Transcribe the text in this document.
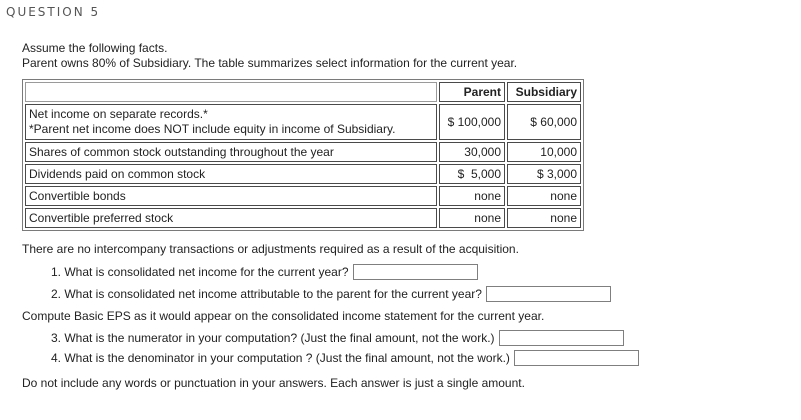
QUESTION 5
Assume the following facts.
Parent owns 80% of Subsidiary. The table summarizes select information for the current year.
	Parent	Subsidiary

Net income on separate records.*
*Parent net income does NOT include equity in income of Subsidiary.	$ 100,000	$ 60,000
Shares of common stock outstanding throughout the year	30,000	10,000
Dividends paid on common stock	$  5,000	$ 3,000
Convertible bonds	none	none
Convertible preferred stock	none	none
There are no intercompany transactions or adjustments required as a result of the acquisition.
1. What is consolidated net income for the current year?
2. What is consolidated net income attributable to the parent for the current year?
Compute Basic EPS as it would appear on the consolidated income statement for the current year.
3. What is the numerator in your computation? (Just the final amount, not the work.)
4. What is the denominator in your computation ? (Just the final amount, not the work.)
Do not include any words or punctuation in your answers. Each answer is just a single amount.
